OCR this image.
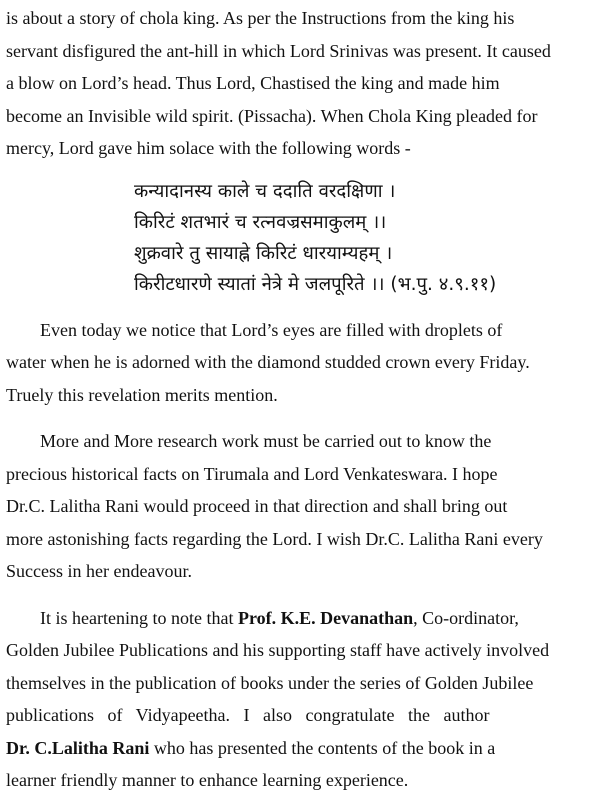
is about a story of chola king. As per the Instructions from the king his
servant disfigured the ant-hill in which Lord Srinivas was present. It caused
a blow on Lord’s head. Thus Lord, Chastised the king and made him
become an Invisible wild spirit. (Pissacha). When Chola King pleaded for
mercy, Lord gave him solace with the following words -

कन्यादानस्य काले च ददाति वरदक्षिणा ।
किरिटं शतभारं च रत्नवज्रसमाकुलम् ।।
शुक्रवारे तु सायाह्ने किरिटं धारयाम्यहम् ।
किरीटधारणे स्यातां नेत्रे मे जलपूरिते ।। (भ.पु. ४.९.११)

Even today we notice that Lord’s eyes are filled with droplets of
water when he is adorned with the diamond studded crown every Friday.
Truely this revelation merits mention.

More and More research work must be carried out to know the
precious historical facts on Tirumala and Lord Venkateswara. I hope
Dr.C. Lalitha Rani would proceed in that direction and shall bring out
more astonishing facts regarding the Lord. I wish Dr.C. Lalitha Rani every
Success in her endeavour.

It is heartening to note that Prof. K.E. Devanathan, Co-ordinator,
Golden Jubilee Publications and his supporting staff have actively involved
themselves in the publication of books under the series of Golden Jubilee
publications of Vidyapeetha. I also congratulate the author
Dr. C.Lalitha Rani who has presented the contents of the book in a
learner friendly manner to enhance learning experience.
